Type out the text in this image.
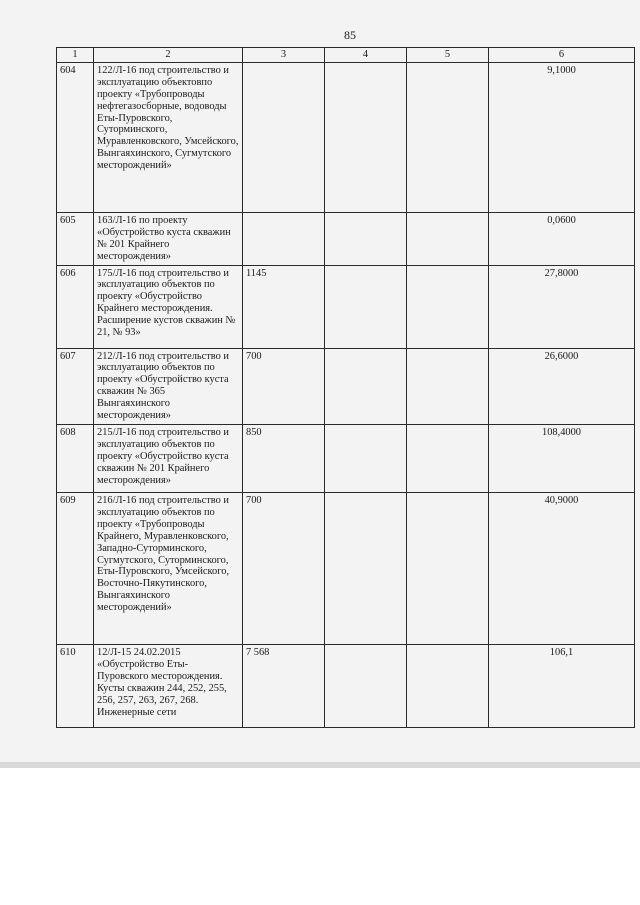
85
1	2	3	4	5	6
604	122/Л-16 под строительство и эксплуатацию объектовпо проекту «Трубопроводы нефтегазосборные, водоводы Еты-Пуровского, Суторминского, Муравленковского, Умсейского, Вынгаяхинского, Сугмутского месторождений»				9,1000
605	163/Л-16 по проекту «Обустройство куста скважин № 201 Крайнего месторождения»				0,0600
606	175/Л-16 под строительство и эксплуатацию объектов по проекту «Обустройство Крайнего месторождения. Расширение кустов скважин № 21, № 93»	1145			27,8000
607	212/Л-16 под строительство и эксплуатацию объектов по проекту «Обустройство куста скважин № 365 Вынгаяхинского месторождения»	700			26,6000
608	215/Л-16 под строительство и эксплуатацию объектов по проекту «Обустройство куста скважин № 201 Крайнего месторождения»	850			108,4000
609	216/Л-16 под строительство и эксплуатацию объектов по проекту «Трубопроводы Крайнего, Муравленковского, Западно-Суторминского, Сугмутского, Суторминского, Еты-Пуровского, Умсейского, Восточно-Пякутинского, Вынгаяхинского месторождений»	700			40,9000
610	12/Л-15 24.02.2015 «Обустройство Еты-Пуровского месторождения. Кусты скважин 244, 252, 255, 256, 257, 263, 267, 268. Инженерные сети	7 568			106,1
